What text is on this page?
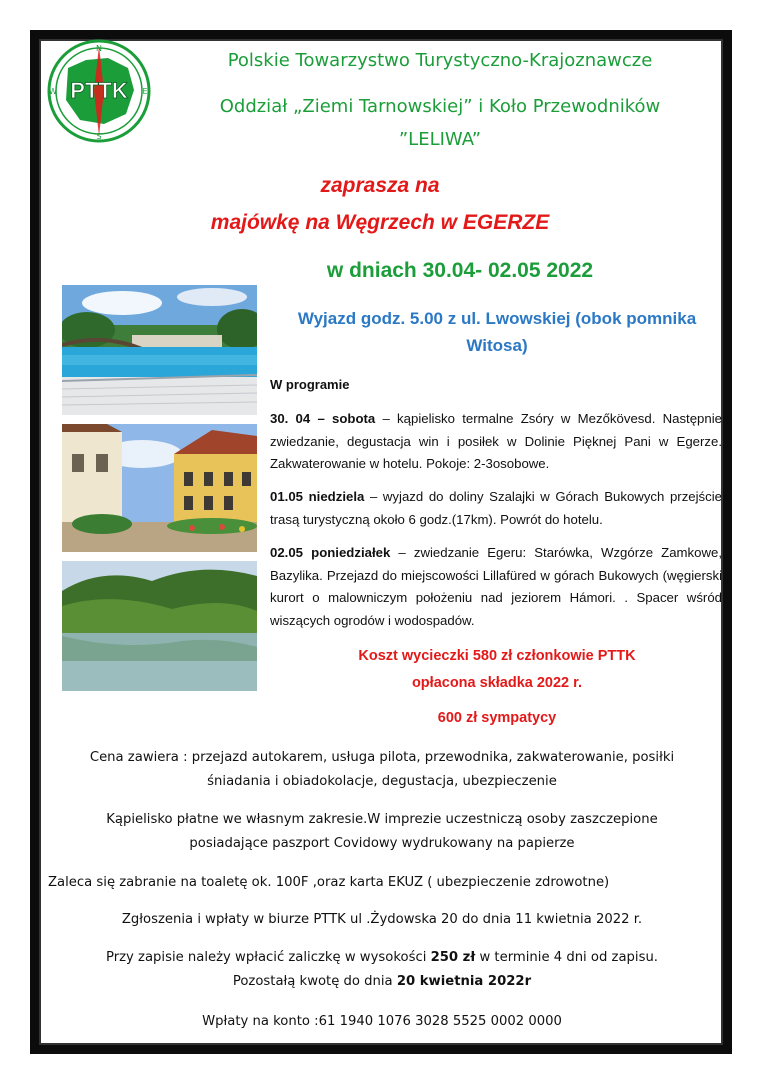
PTTK
N
S
W	E
Polskie Towarzystwo Turystyczno-Krajoznawcze
Oddział „Ziemi Tarnowskiej” i Koło Przewodników
”LELIWA”
zaprasza na
majówkę na Węgrzech w EGERZE
w dniach 30.04- 02.05 2022
Wyjazd godz. 5.00 z ul. Lwowskiej (obok pomnika
Witosa)
W programie
30. 04 – sobota – kąpielisko termalne Zsóry w Mezőkövesd. Następnie zwiedzanie, degustacja win i posiłek w Dolinie Pięknej Pani w Egerze. Zakwaterowanie w hotelu. Pokoje: 2-3osobowe.
01.05 niedziela – wyjazd do doliny Szalajki w Górach Bukowych przejście trasą turystyczną około 6 godz.(17km). Powrót do hotelu.
02.05 poniedziałek – zwiedzanie Egeru: Starówka, Wzgórze Zamkowe, Bazylika. Przejazd do miejscowości Lillafüred w górach Bukowych (węgierski kurort o malowniczym położeniu nad jeziorem Hámori. . Spacer wśród wiszących ogrodów i wodospadów.
Koszt wycieczki 580 zł członkowie PTTK
opłacona składka 2022 r.
600 zł sympatycy
Cena zawiera : przejazd autokarem, usługa pilota, przewodnika, zakwaterowanie, posiłki
śniadania i obiadokolacje, degustacja, ubezpieczenie
Kąpielisko płatne we własnym zakresie.W imprezie uczestniczą osoby zaszczepione
posiadające paszport Covidowy wydrukowany na papierze
Zaleca się zabranie na toaletę ok. 100F ,oraz karta EKUZ ( ubezpieczenie zdrowotne)
Zgłoszenia i wpłaty w biurze PTTK ul .Żydowska 20 do dnia 11 kwietnia 2022 r.
Przy zapisie należy wpłacić zaliczkę w wysokości 250 zł w terminie 4 dni od zapisu.
Pozostałą kwotę do dnia 20 kwietnia 2022r
Wpłaty na konto :61 1940 1076 3028 5525 0002 0000
